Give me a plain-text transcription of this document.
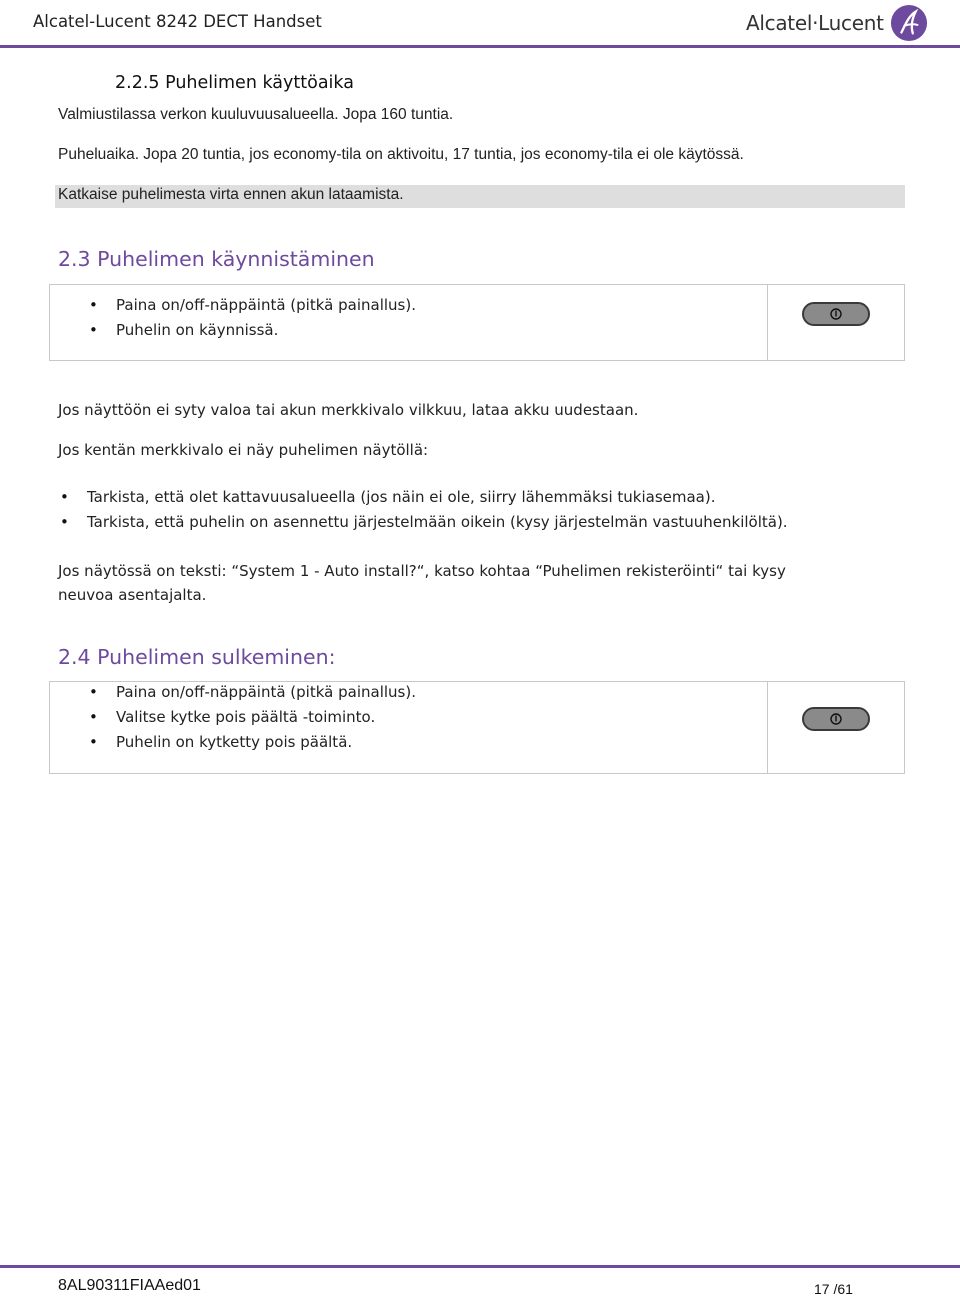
Alcatel-Lucent 8242 DECT Handset	Alcatel·Lucent
2.2.5 Puhelimen käyttöaika
Valmiustilassa verkon kuuluvuusalueella. Jopa 160 tuntia.
Puheluaika. Jopa 20 tuntia, jos economy-tila on aktivoitu, 17 tuntia, jos economy-tila ei ole käytössä.
Katkaise puhelimesta virta ennen akun lataamista.
2.3 Puhelimen käynnistäminen
• Paina on/off-näppäintä (pitkä painallus).
• Puhelin on käynnissä.
Jos näyttöön ei syty valoa tai akun merkkivalo vilkkuu, lataa akku uudestaan.
Jos kentän merkkivalo ei näy puhelimen näytöllä:
• Tarkista, että olet kattavuusalueella (jos näin ei ole, siirry lähemmäksi tukiasemaa).
• Tarkista, että puhelin on asennettu järjestelmään oikein (kysy järjestelmän vastuuhenkilöltä).
Jos näytössä on teksti: “System 1 - Auto install?“, katso kohtaa “Puhelimen rekisteröinti“ tai kysy
neuvoa asentajalta.
2.4 Puhelimen sulkeminen:
• Paina on/off-näppäintä (pitkä painallus).
• Valitse kytke pois päältä -toiminto.
• Puhelin on kytketty pois päältä.
8AL90311FIAAed01	17 /61
